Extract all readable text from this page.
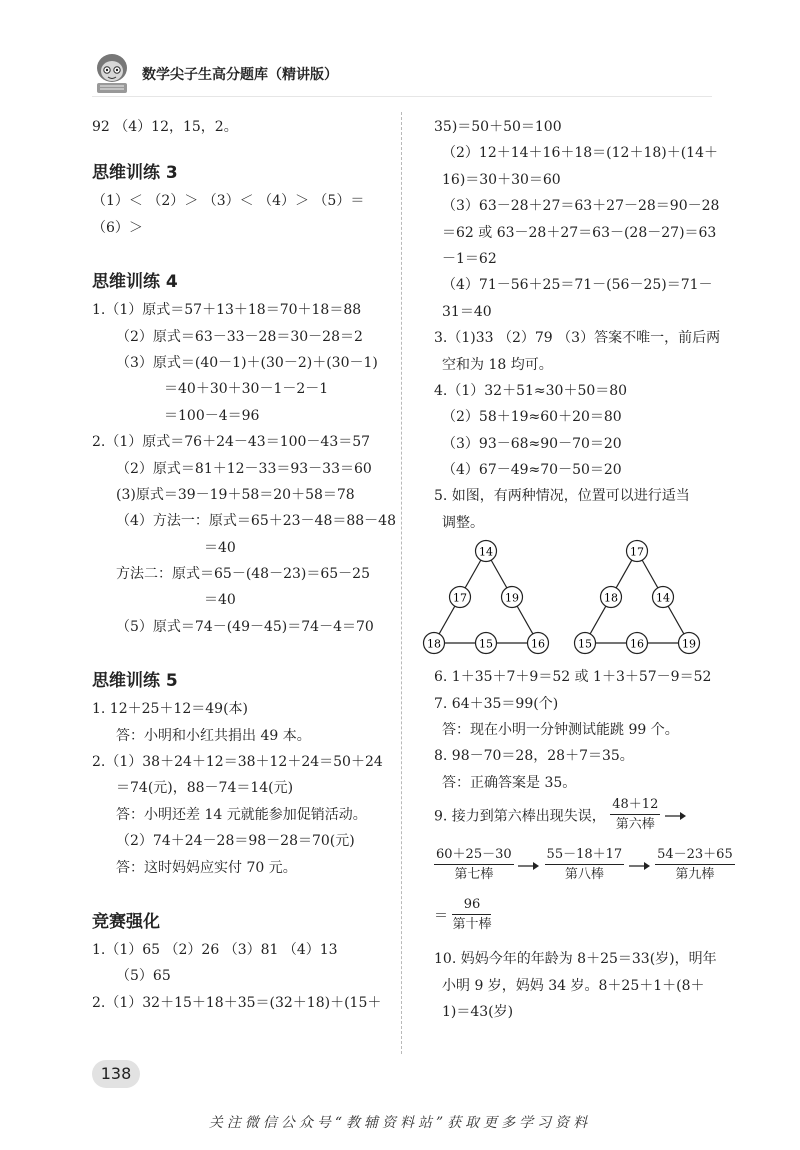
数学尖子生高分题库（精讲版）
92 （4）12，15，2。
思维训练 3
（1）＜ （2）＞ （3）＜ （4）＞ （5）＝
（6）＞
思维训练 4
1.（1）原式＝57＋13＋18＝70＋18＝88
（2）原式＝63－33－28＝30－28＝2
（3）原式＝(40－1)＋(30－2)＋(30－1)
＝40＋30＋30－1－2－1
＝100－4＝96
2.（1）原式＝76＋24－43＝100－43＝57
（2）原式＝81＋12－33＝93－33＝60
(3)原式＝39－19＋58＝20＋58＝78
（4）方法一：原式＝65＋23－48＝88－48
＝40
方法二：原式＝65－(48－23)＝65－25
＝40
（5）原式＝74－(49－45)＝74－4＝70
思维训练 5
1. 12＋25＋12＝49(本)
答：小明和小红共捐出 49 本。
2.（1）38＋24＋12＝38＋12＋24＝50＋24
＝74(元)，88－74＝14(元)
答：小明还差 14 元就能参加促销活动。
（2）74＋24－28＝98－28＝70(元)
答：这时妈妈应实付 70 元。
竞赛强化
1.（1）65 （2）26 （3）81 （4）13
（5）65
2.（1）32＋15＋18＋35＝(32＋18)＋(15＋
35)＝50＋50＝100
（2）12＋14＋16＋18＝(12＋18)＋(14＋
16)＝30＋30＝60
（3）63－28＋27＝63＋27－28＝90－28
＝62 或 63－28＋27＝63－(28－27)＝63
－1＝62
（4）71－56＋25＝71－(56－25)＝71－
31＝40
3.（1)33 （2）79 （3）答案不唯一，前后两
空和为 18 均可。
4.（1）32＋51≈30＋50＝80
（2）58＋19≈60＋20＝80
（3）93－68≈90－70＝20
（4）67－49≈70－50＝20
5. 如图，有两种情况，位置可以进行适当
调整。
14
17	19
18	15	16
17
18	14
15	16	19
6. 1＋35＋7＋9＝52 或 1＋3＋57－9＝52
7. 64＋35＝99(个)
答：现在小明一分钟测试能跳 99 个。
8. 98－70＝28，28＋7＝35。
答：正确答案是 35。
9. 接力到第六棒出现失误， $\frac{48+12}{\text{第六棒}}$

$\frac{60+25-30}{\text{第七棒}}$

$\frac{55-18+17}{\text{第八棒}}$

$\frac{54-23+65}{\text{第九棒}}$
＝ $\frac{96}{\text{第十棒}}$
10. 妈妈今年的年龄为 8＋25＝33(岁)，明年
小明 9 岁，妈妈 34 岁。8＋25＋1＋(8＋
1)＝43(岁)
138
关注微信公众号“教辅资料站”获取更多学习资料
